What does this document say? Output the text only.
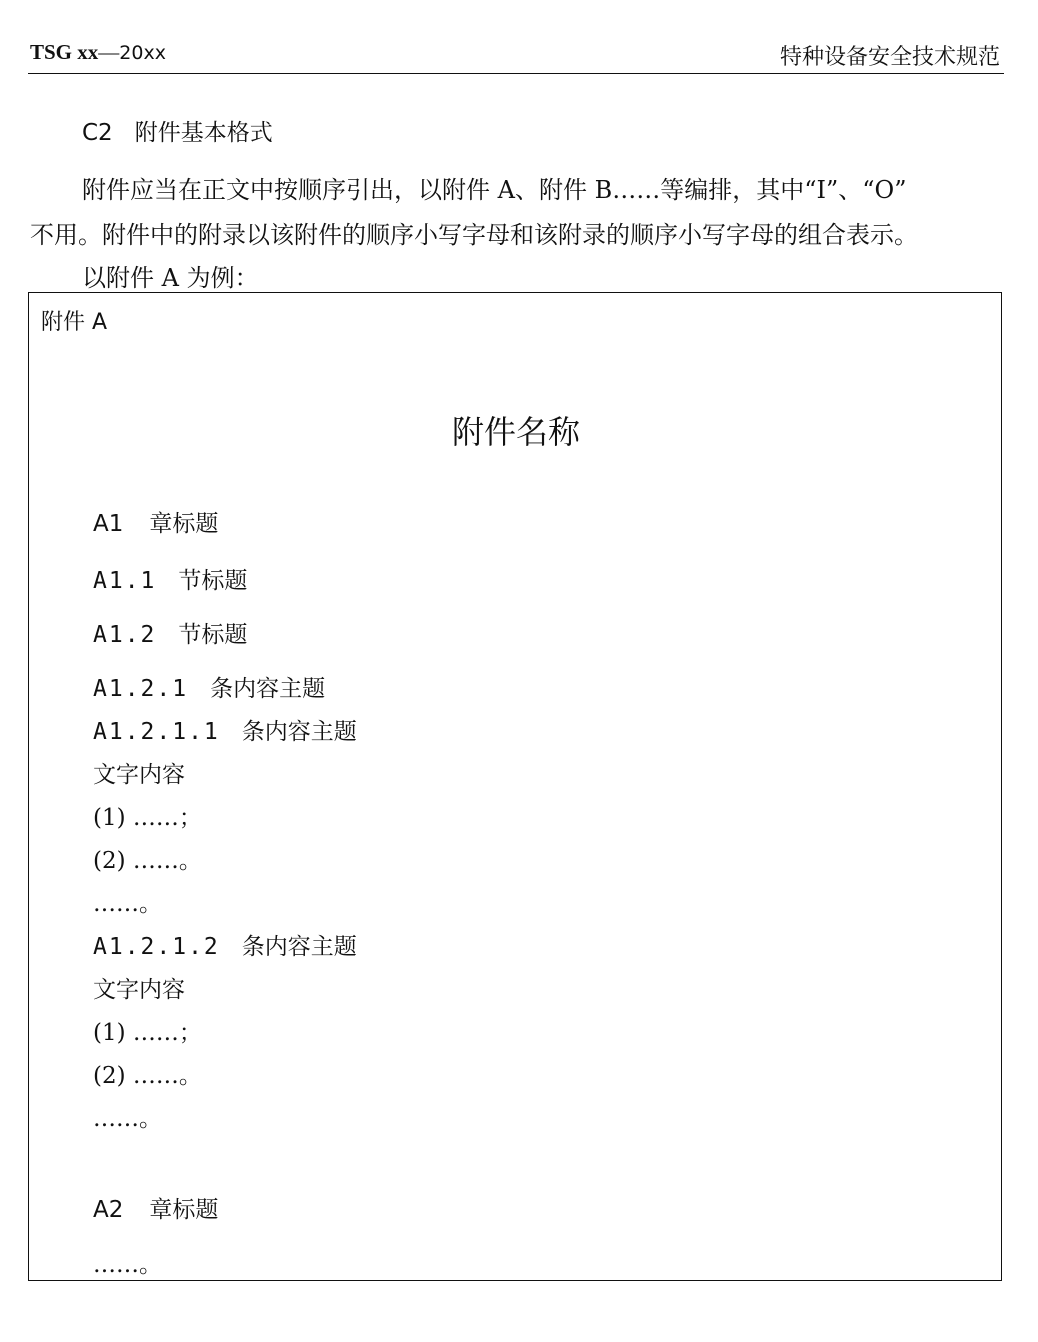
TSG xx—20xx	特种设备安全技术规范
C2 附件基本格式
附件应当在正文中按顺序引出，以附件 A、附件 B……等编排，其中“I”、“O”
不用。附件中的附录以该附件的顺序小写字母和该附录的顺序小写字母的组合表示。
以附件 A 为例：
附件 A
附件名称
A1 章标题
A1.1 节标题
A1.2 节标题
A1.2.1 条内容主题
A1.2.1.1 条内容主题
文字内容
(1) ……；
(2) ……。
……。
A1.2.1.2 条内容主题
文字内容
(1) ……；
(2) ……。
……。
A2 章标题
……。
